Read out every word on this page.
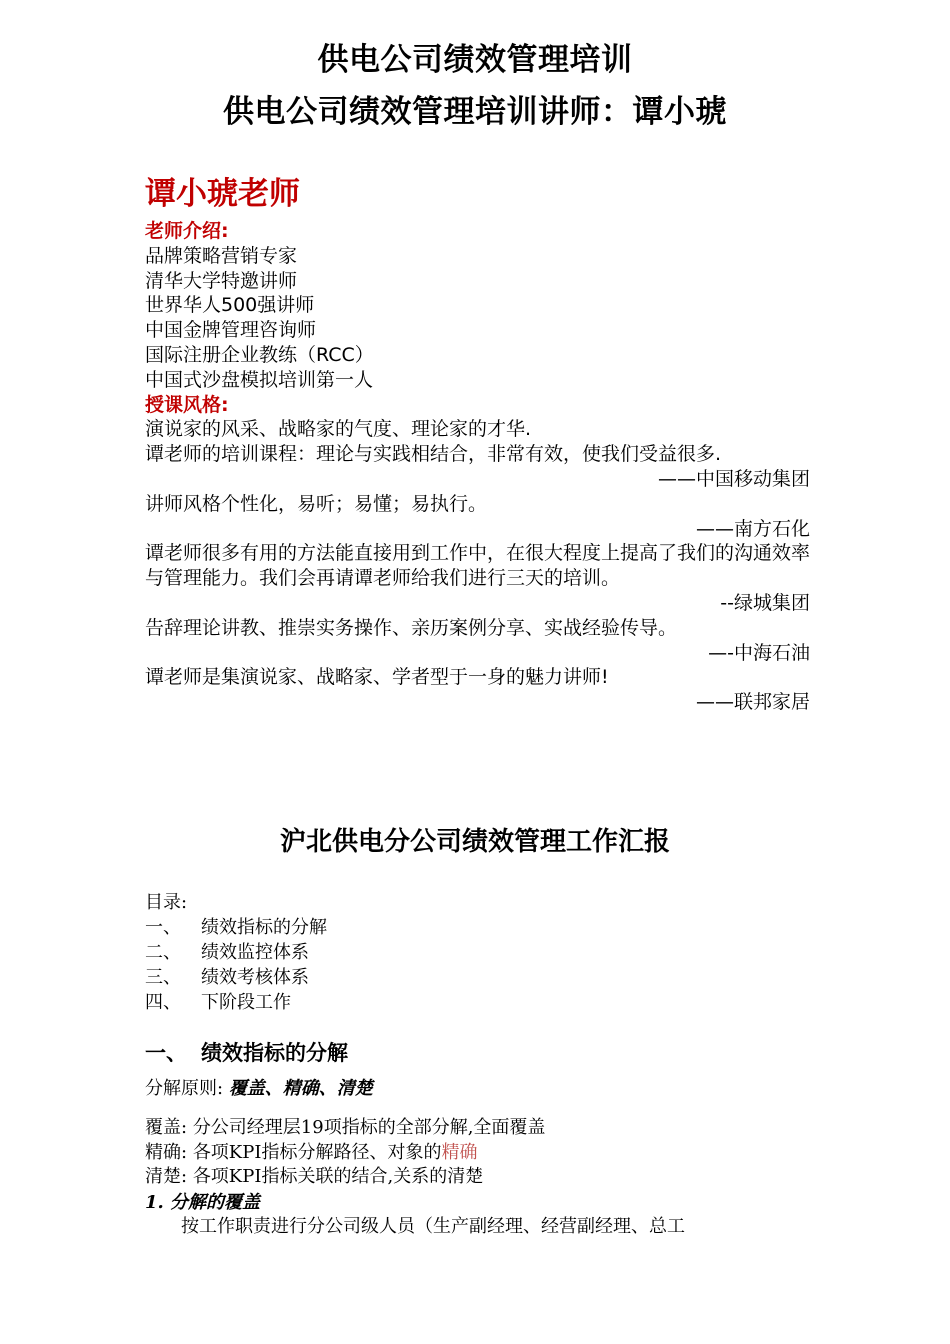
供电公司绩效管理培训
供电公司绩效管理培训讲师：谭小琥
谭小琥老师
老师介绍:
品牌策略营销专家
清华大学特邀讲师
世界华人500强讲师
中国金牌管理咨询师
国际注册企业教练（RCC）
中国式沙盘模拟培训第一人
授课风格:
演说家的风采、战略家的气度、理论家的才华.
谭老师的培训课程：理论与实践相结合，非常有效，使我们受益很多.
——中国移动集团
讲师风格个性化，易听；易懂；易执行。
——南方石化
谭老师很多有用的方法能直接用到工作中，在很大程度上提高了我们的沟通效率与管理能力。我们会再请谭老师给我们进行三天的培训。
--绿城集团
告辞理论讲教、推崇实务操作、亲历案例分享、实战经验传导。
—-中海石油
谭老师是集演说家、战略家、学者型于一身的魅力讲师!
——联邦家居
沪北供电分公司绩效管理工作汇报
目录:
一、 绩效指标的分解
二、 绩效监控体系
三、 绩效考核体系
四、 下阶段工作
一、 绩效指标的分解
分解原则: 覆盖、精确、清楚
覆盖: 分公司经理层19项指标的全部分解,全面覆盖
精确: 各项KPI指标分解路径、对象的精确
清楚: 各项KPI指标关联的结合,关系的清楚
1. 分解的覆盖
按工作职责进行分公司级人员（生产副经理、经营副经理、总工
